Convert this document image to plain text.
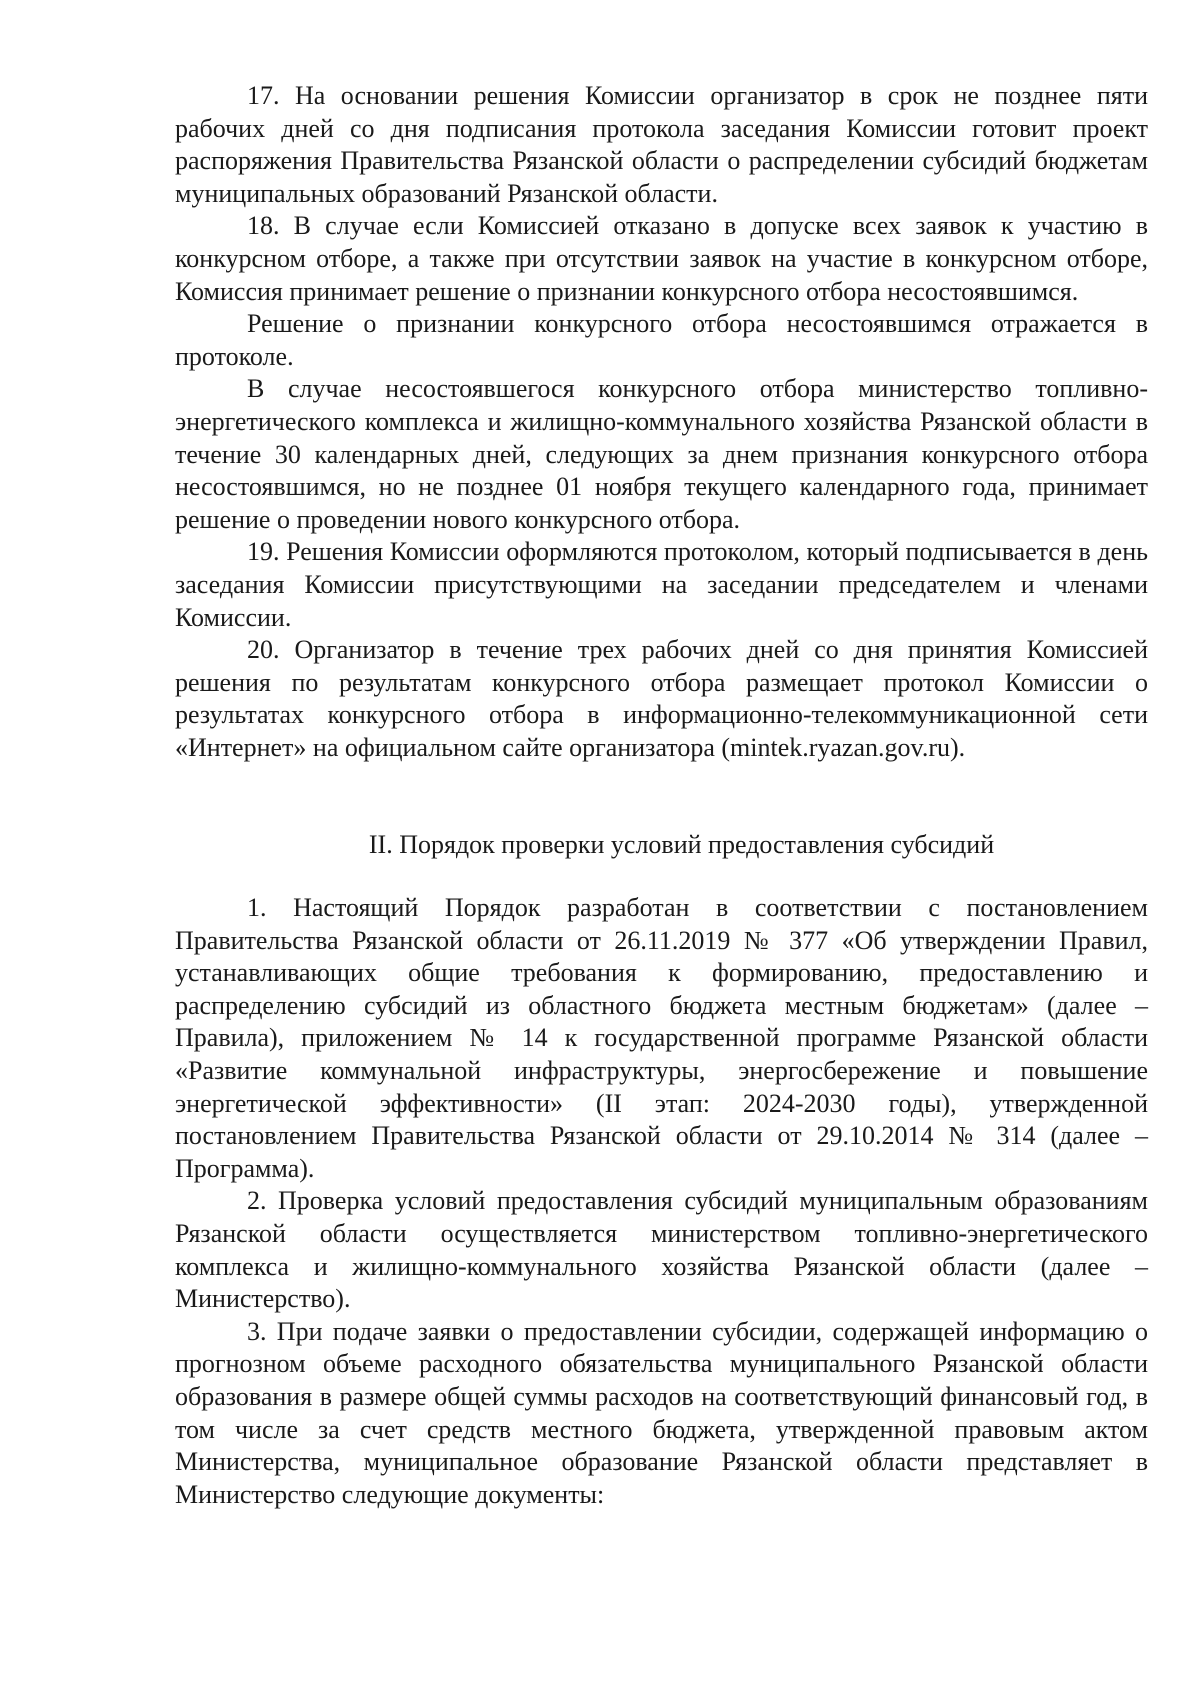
17. На основании решения Комиссии организатор в срок не позднее пяти рабочих дней со дня подписания протокола заседания Комиссии готовит проект распоряжения Правительства Рязанской области о распределении субсидий бюджетам муниципальных образований Рязанской области.

18. В случае если Комиссией отказано в допуске всех заявок к участию в конкурсном отборе, а также при отсутствии заявок на участие в конкурсном отборе, Комиссия принимает решение о признании конкурсного отбора несостоявшимся.

Решение о признании конкурсного отбора несостоявшимся отражается в протоколе.

В случае несостоявшегося конкурсного отбора министерство топливно-энергетического комплекса и жилищно-коммунального хозяйства Рязанской области в течение 30 календарных дней, следующих за днем признания конкурсного отбора несостоявшимся, но не позднее 01 ноября текущего календарного года, принимает решение о проведении нового конкурсного отбора.

19. Решения Комиссии оформляются протоколом, который подписывается в день заседания Комиссии присутствующими на заседании председателем и членами Комиссии.

20. Организатор в течение трех рабочих дней со дня принятия Комиссией решения по результатам конкурсного отбора размещает протокол Комиссии о результатах конкурсного отбора в информационно-телекоммуникационной сети «Интернет» на официальном сайте организатора (mintek.ryazan.gov.ru).

II. Порядок проверки условий предоставления субсидий

1. Настоящий Порядок разработан в соответствии с постановлением Правительства Рязанской области от 26.11.2019 № 377 «Об утверждении Правил, устанавливающих общие требования к формированию, предоставлению и распределению субсидий из областного бюджета местным бюджетам» (далее – Правила), приложением № 14 к государственной программе Рязанской области «Развитие коммунальной инфраструктуры, энергосбережение и повышение энергетической эффективности» (II этап: 2024-2030 годы), утвержденной постановлением Правительства Рязанской области от 29.10.2014 № 314 (далее – Программа).

2. Проверка условий предоставления субсидий муниципальным образованиям Рязанской области осуществляется министерством топливно-энергетического комплекса и жилищно-коммунального хозяйства Рязанской области (далее – Министерство).

3. При подаче заявки о предоставлении субсидии, содержащей информацию о прогнозном объеме расходного обязательства муниципального Рязанской области образования в размере общей суммы расходов на соответствующий финансовый год, в том числе за счет средств местного бюджета, утвержденной правовым актом Министерства, муниципальное образование Рязанской области представляет в Министерство следующие документы:
